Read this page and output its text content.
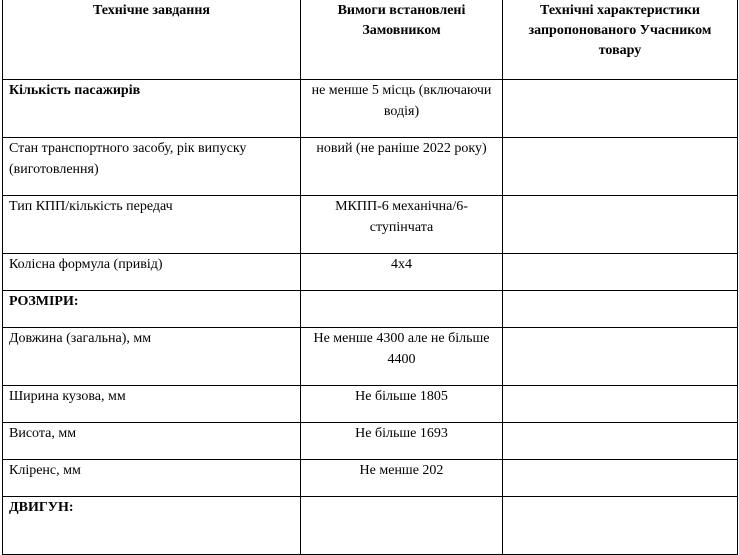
Технічне завдання	Вимоги встановлені Замовником	Технічні характеристики запропонованого Учасником товару
Кількість пасажирів	не менше 5 місць (включаючи водія)	
Стан транспортного засобу, рік випуску (виготовлення)	новий (не раніше 2022 року)	
Тип КПП/кількість передач	МКПП-6 механічна/6-ступінчата	
Колісна формула (привід)	4x4	
РОЗМІРИ:		
Довжина (загальна), мм	Не менше 4300 але не більше 4400	
Ширина кузова, мм	Не більше 1805	
Висота, мм	Не більше 1693	
Кліренс, мм	Не менше 202	
ДВИГУН:		
